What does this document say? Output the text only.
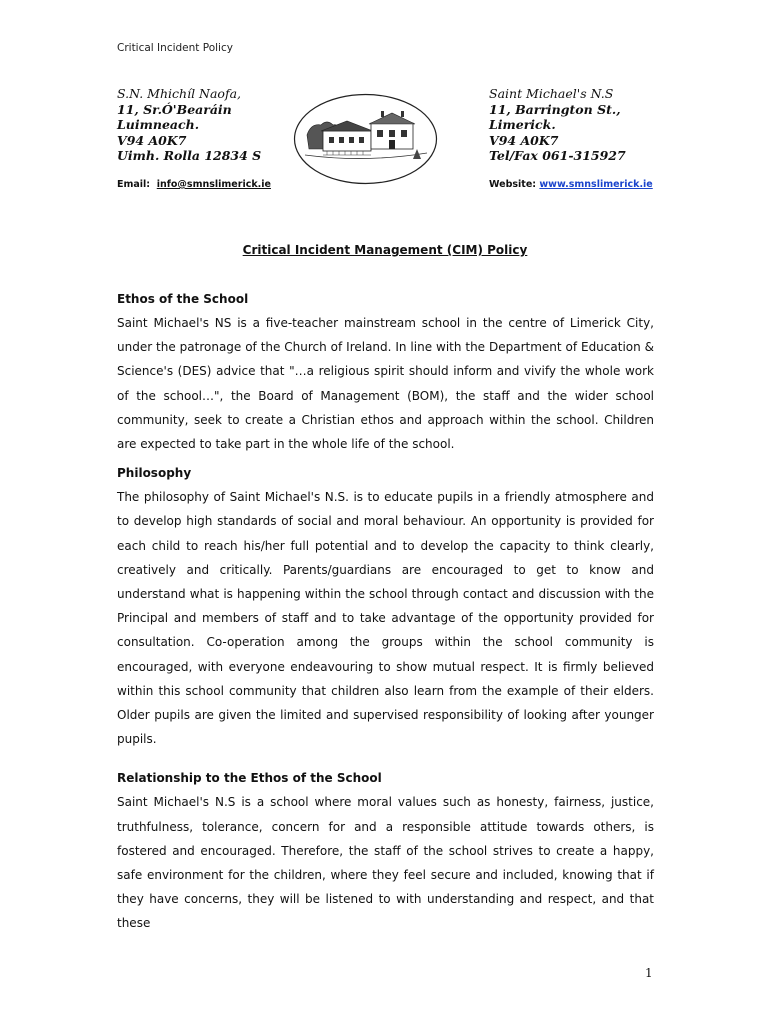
Critical Incident Policy
S.N. Mhichíl Naofa,
11, Sr.Ó'Bearáin
Luimneach.
V94 A0K7
Uimh. Rolla 12834 S
Saint Michael's N.S
11, Barrington St.,
Limerick.
V94 A0K7
Tel/Fax 061-315927
Email: info@smnslimerick.ie	Website: www.smnslimerick.ie
Critical Incident Management (CIM) Policy
Ethos of the School

Saint Michael's NS is a five-teacher mainstream school in the centre of Limerick City, under the patronage of the Church of Ireland. In line with the Department of Education & Science's (DES) advice that "…a religious spirit should inform and vivify the whole work of the school…", the Board of Management (BOM), the staff and the wider school community, seek to create a Christian ethos and approach within the school. Children are expected to take part in the whole life of the school.

Philosophy

The philosophy of Saint Michael's N.S. is to educate pupils in a friendly atmosphere and to develop high standards of social and moral behaviour. An opportunity is provided for each child to reach his/her full potential and to develop the capacity to think clearly, creatively and critically. Parents/guardians are encouraged to get to know and understand what is happening within the school through contact and discussion with the Principal and members of staff and to take advantage of the opportunity provided for consultation. Co-operation among the groups within the school community is encouraged, with everyone endeavouring to show mutual respect. It is firmly believed within this school community that children also learn from the example of their elders. Older pupils are given the limited and supervised responsibility of looking after younger pupils.

Relationship to the Ethos of the School

Saint Michael's N.S is a school where moral values such as honesty, fairness, justice, truthfulness, tolerance, concern for and a responsible attitude towards others, is fostered and encouraged. Therefore, the staff of the school strives to create a happy, safe environment for the children, where they feel secure and included, knowing that if they have concerns, they will be listened to with understanding and respect, and that these

1
